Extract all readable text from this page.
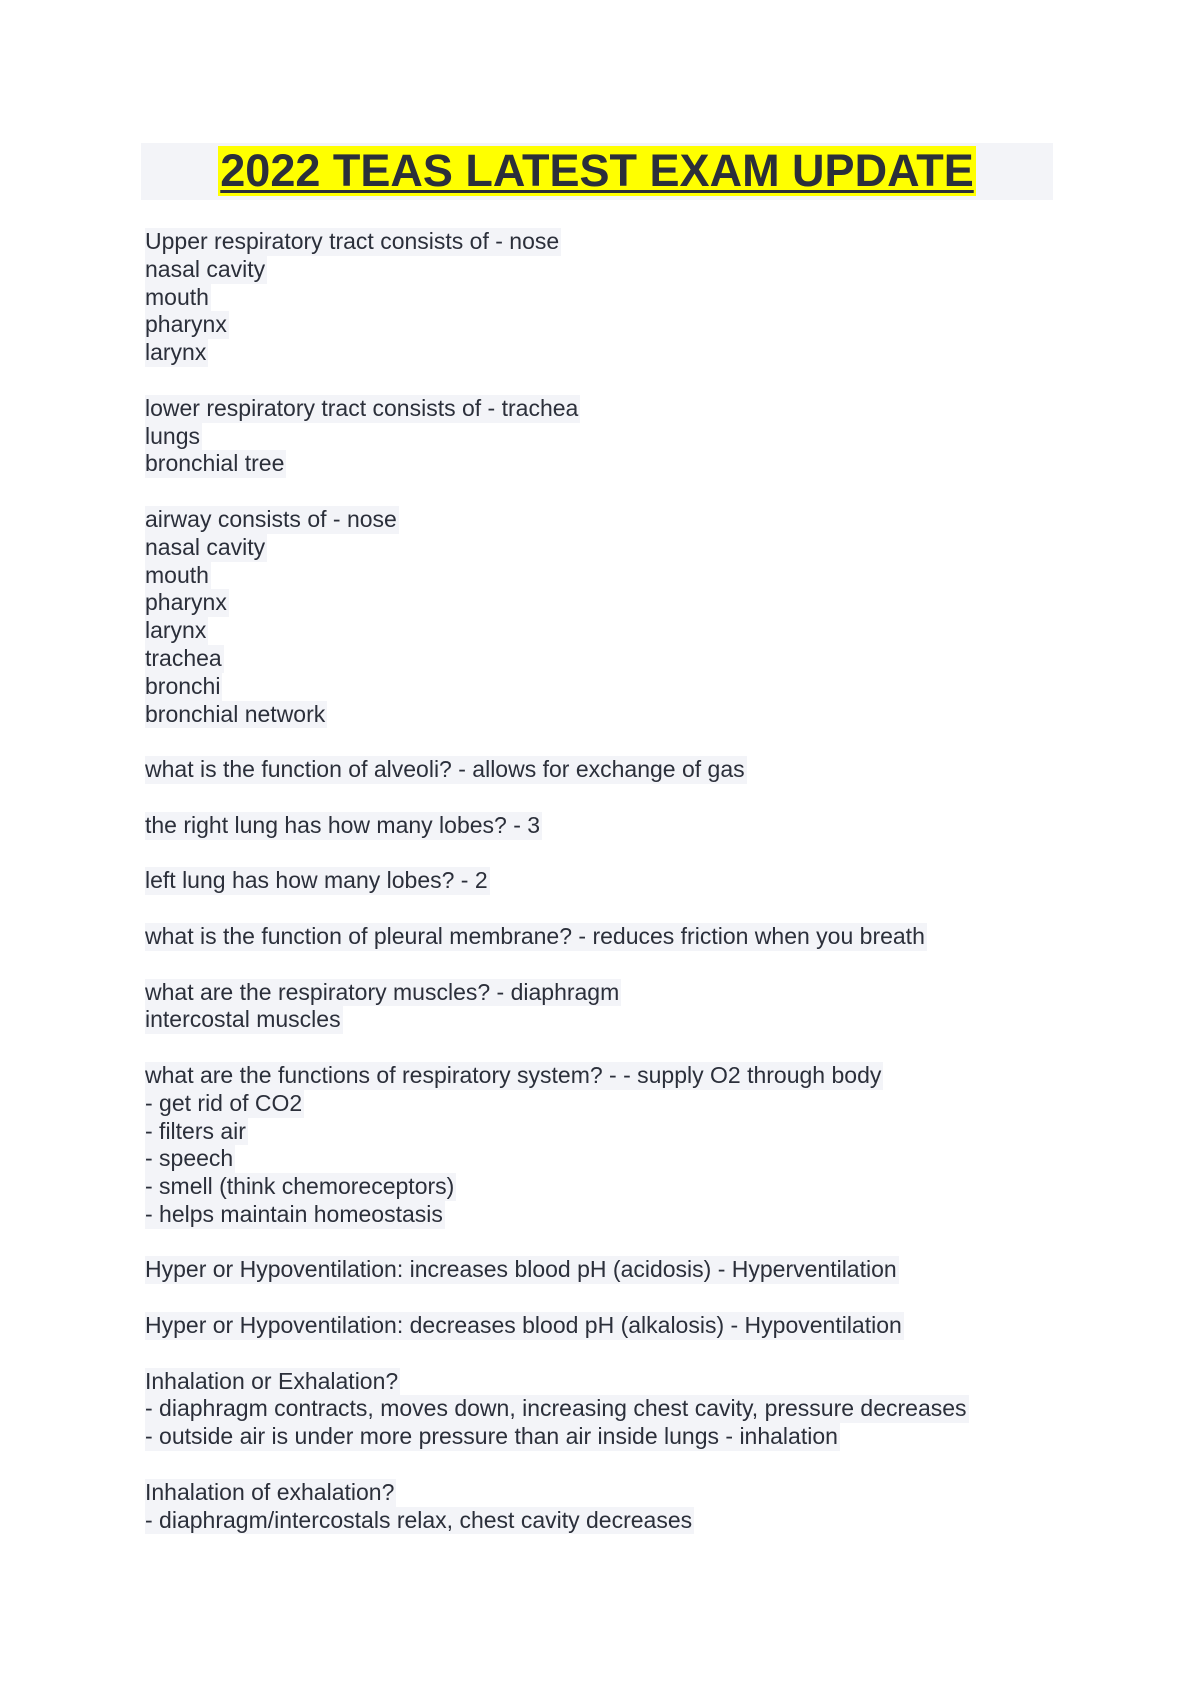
2022 TEAS LATEST EXAM UPDATE
Upper respiratory tract consists of - nose
nasal cavity
mouth
pharynx
larynx
lower respiratory tract consists of - trachea
lungs
bronchial tree
airway consists of - nose
nasal cavity
mouth
pharynx
larynx
trachea
bronchi
bronchial network
what is the function of alveoli? - allows for exchange of gas
the right lung has how many lobes? - 3
left lung has how many lobes? - 2
what is the function of pleural membrane? - reduces friction when you breath
what are the respiratory muscles? - diaphragm
intercostal muscles
what are the functions of respiratory system? - - supply O2 through body
- get rid of CO2
- filters air
- speech
- smell (think chemoreceptors)
- helps maintain homeostasis
Hyper or Hypoventilation: increases blood pH (acidosis) - Hyperventilation
Hyper or Hypoventilation: decreases blood pH (alkalosis) - Hypoventilation
Inhalation or Exhalation?
- diaphragm contracts, moves down, increasing chest cavity, pressure decreases
- outside air is under more pressure than air inside lungs - inhalation
Inhalation of exhalation?
- diaphragm/intercostals relax, chest cavity decreases
